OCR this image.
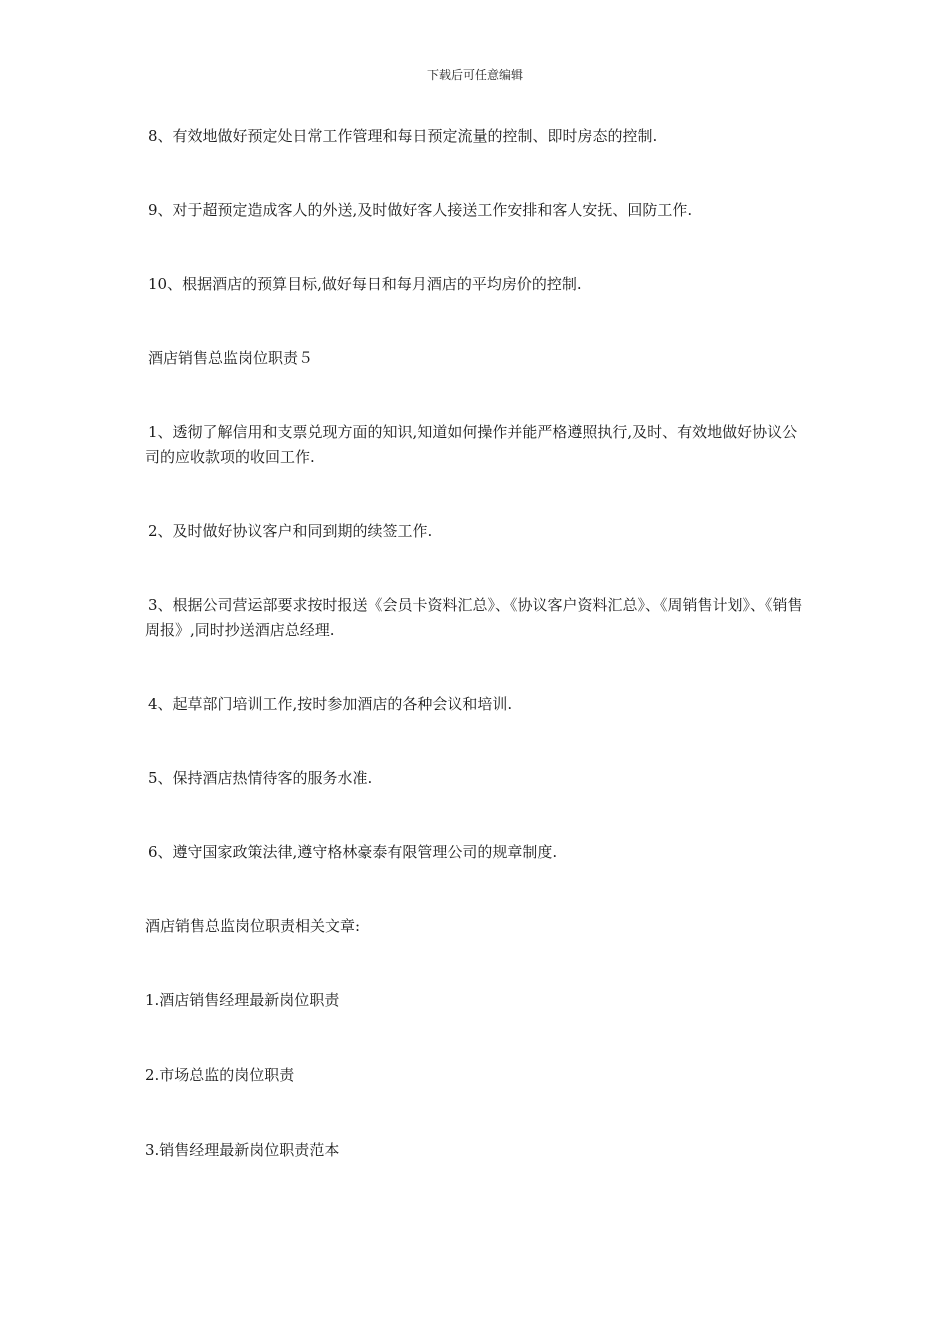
下载后可任意编辑

8、有效地做好预定处日常工作管理和每日预定流量的控制、即时房态的控制.

9、对于超预定造成客人的外送,及时做好客人接送工作安排和客人安抚、回防工作.

10、根据酒店的预算目标,做好每日和每月酒店的平均房价的控制.

酒店销售总监岗位职责５

1、透彻了解信用和支票兑现方面的知识,知道如何操作并能严格遵照执行,及时、有效地做好协议公司的应收款项的收回工作.

2、及时做好协议客户和同到期的续签工作.

3、根据公司营运部要求按时报送《会员卡资料汇总》、《协议客户资料汇总》、《周销售计划》、《销售周报》,同时抄送酒店总经理.

4、起草部门培训工作,按时参加酒店的各种会议和培训.

5、保持酒店热情待客的服务水准.

6、遵守国家政策法律,遵守格林豪泰有限管理公司的规章制度.

酒店销售总监岗位职责相关文章:

1.酒店销售经理最新岗位职责

2.市场总监的岗位职责

3.销售经理最新岗位职责范本
